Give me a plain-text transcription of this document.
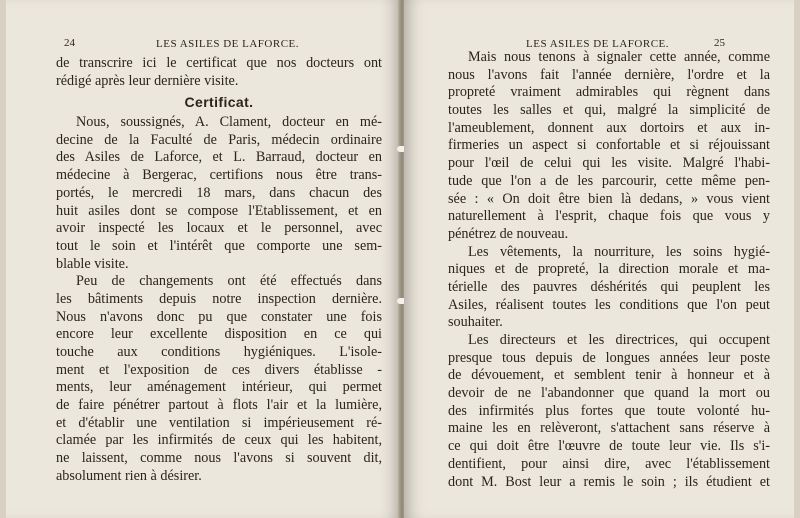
24	LES ASILES DE LAFORCE.
de transcrire ici le certificat que nos docteurs ont
rédigé après leur dernière visite.
Certificat.
Nous, soussignés, A. Clament, docteur en mé-
decine de la Faculté de Paris, médecin ordinaire
des Asiles de Laforce, et L. Barraud, docteur en
médecine à Bergerac, certifions nous être trans-
portés, le mercredi 18 mars, dans chacun des
huit asiles dont se compose l'Etablissement, et en
avoir inspecté les locaux et le personnel, avec
tout le soin et l'intérêt que comporte une sem-
blable visite.
Peu de changements ont été effectués dans
les bâtiments depuis notre inspection dernière.
Nous n'avons donc pu que constater une fois
encore leur excellente disposition en ce qui
touche aux conditions hygiéniques. L'isole-
ment et l'exposition de ces divers établisse -
ments, leur aménagement intérieur, qui permet
de faire pénétrer partout à flots l'air et la lumière,
et d'établir une ventilation si impérieusement ré-
clamée par les infirmités de ceux qui les habitent,
ne laissent, comme nous l'avons si souvent dit,
absolument rien à désirer.
LES ASILES DE LAFORCE.	25
Mais nous tenons à signaler cette année, comme
nous l'avons fait l'année dernière, l'ordre et la
propreté vraiment admirables qui règnent dans
toutes les salles et qui, malgré la simplicité de
l'ameublement, donnent aux dortoirs et aux in-
firmeries un aspect si confortable et si réjouissant
pour l'œil de celui qui les visite. Malgré l'habi-
tude que l'on a de les parcourir, cette même pen-
sée : « On doit être bien là dedans, » vous vient
naturellement à l'esprit, chaque fois que vous y
pénétrez de nouveau.
Les vêtements, la nourriture, les soins hygié-
niques et de propreté, la direction morale et ma-
térielle des pauvres déshérités qui peuplent les
Asiles, réalisent toutes les conditions que l'on peut
souhaiter.
Les directeurs et les directrices, qui occupent
presque tous depuis de longues années leur poste
de dévouement, et semblent tenir à honneur et à
devoir de ne l'abandonner que quand la mort ou
des infirmités plus fortes que toute volonté hu-
maine les en relèveront, s'attachent sans réserve à
ce qui doit être l'œuvre de toute leur vie. Ils s'i-
dentifient, pour ainsi dire, avec l'établissement
dont M. Bost leur a remis le soin ; ils étudient et
